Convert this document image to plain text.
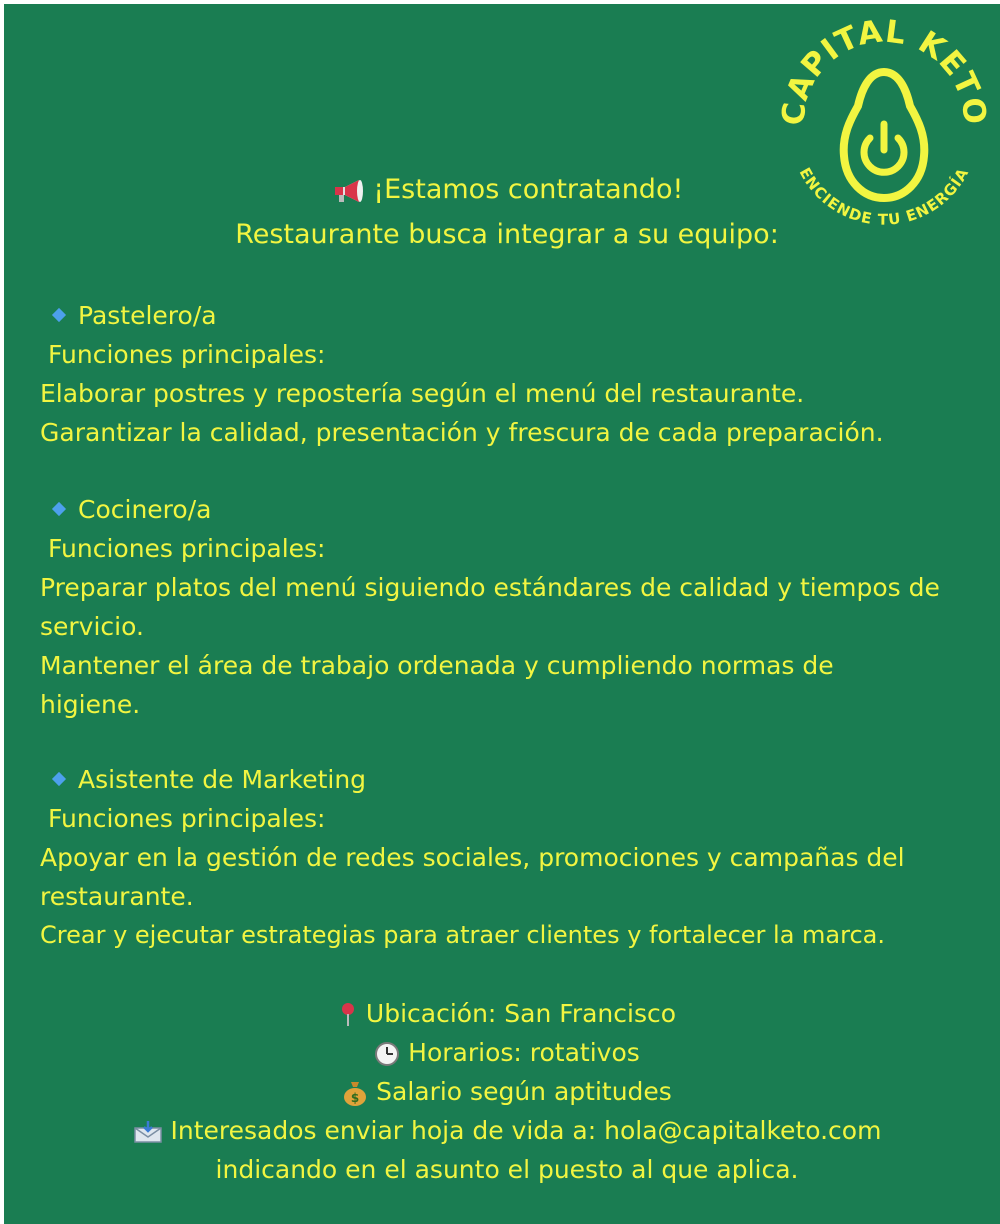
CAPITAL KETO
ENCIENDE TU ENERGÍA
¡Estamos contratando!
Restaurante busca integrar a su equipo:
Pastelero/a
Funciones principales:
Elaborar postres y repostería según el menú del restaurante.
Garantizar la calidad, presentación y frescura de cada preparación.
Cocinero/a
Funciones principales:
Preparar platos del menú siguiendo estándares de calidad y tiempos de servicio.
Mantener el área de trabajo ordenada y cumpliendo normas de higiene.
Asistente de Marketing
Funciones principales:
Apoyar en la gestión de redes sociales, promociones y campañas del restaurante.
Crear y ejecutar estrategias para atraer clientes y fortalecer la marca.
Ubicación: San Francisco
Horarios: rotativos
$ Salario según aptitudes
Interesados enviar hoja de vida a: hola@capitalketo.com
indicando en el asunto el puesto al que aplica.
